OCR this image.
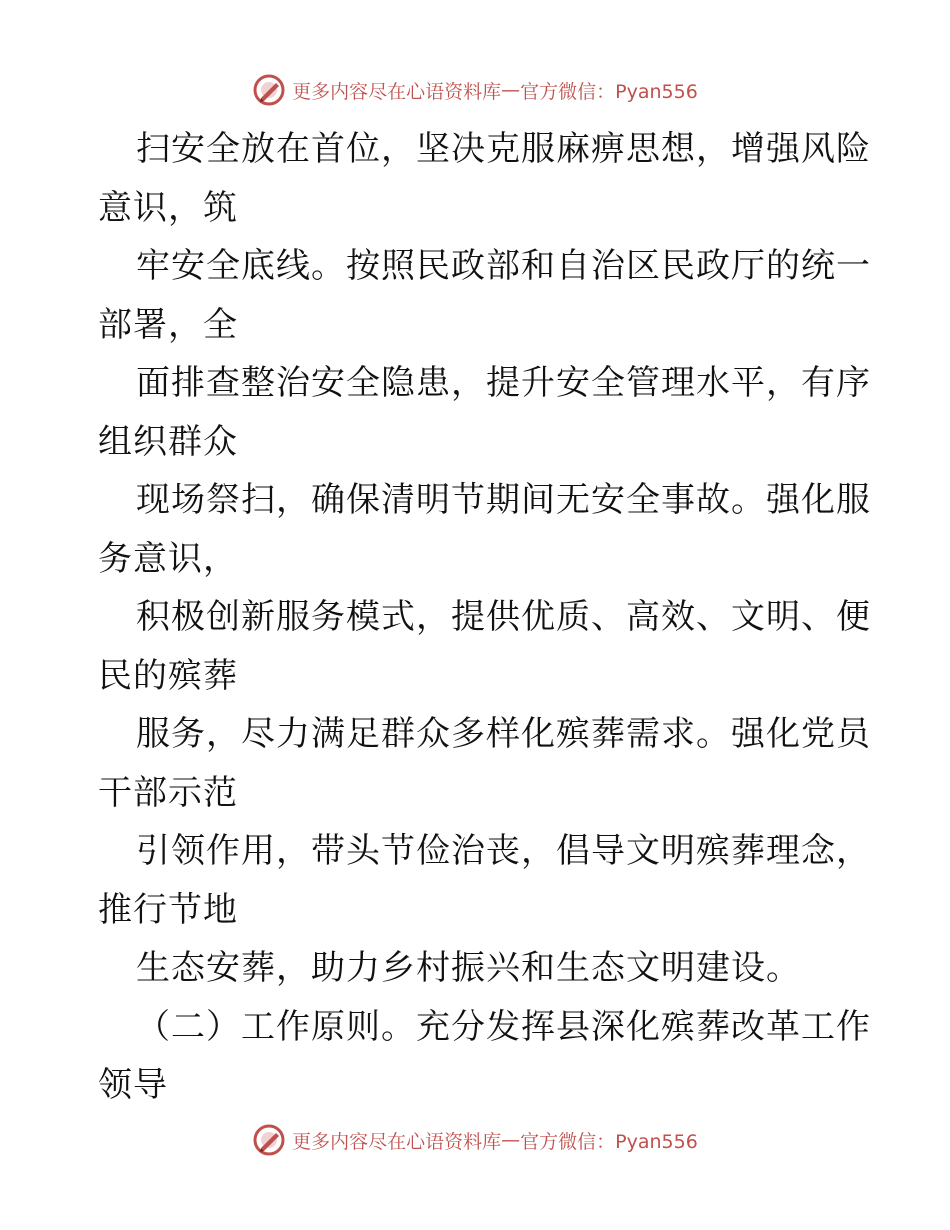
更多内容尽在心语资料库 — 官方微信：Pyan556
扫安全放在首位，坚决克服麻痹思想，增强风险
意识，筑
牢安全底线。按照民政部和自治区民政厅的统一
部署，全
面排查整治安全隐患，提升安全管理水平，有序
组织群众
现场祭扫，确保清明节期间无安全事故。强化服
务意识，
积极创新服务模式，提供优质、高效、文明、便
民的殡葬
服务，尽力满足群众多样化殡葬需求。强化党员
干部示范
引领作用，带头节俭治丧，倡导文明殡葬理念，
推行节地
生态安葬，助力乡村振兴和生态文明建设。
（二）工作原则。充分发挥县深化殡葬改革工作
领导
更多内容尽在心语资料库 — 官方微信：Pyan556
